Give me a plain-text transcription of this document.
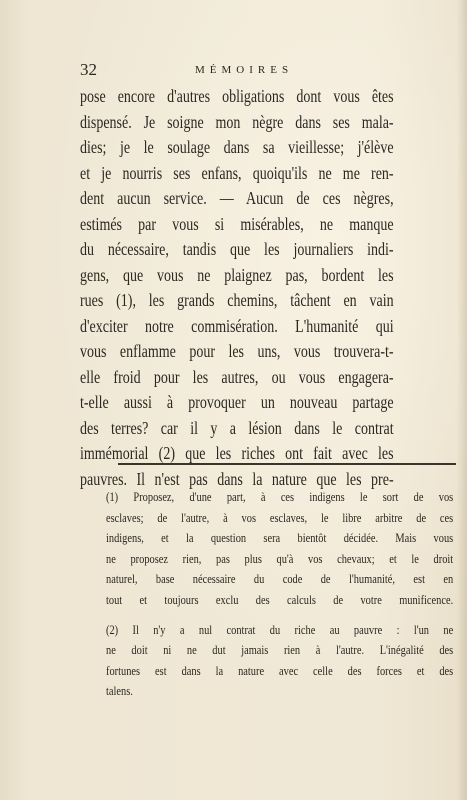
32	MÉMOIRES
pose encore d'autres obligations dont vous êtes
dispensé. Je soigne mon nègre dans ses mala-
dies; je le soulage dans sa vieillesse; j'élève
et je nourris ses enfans, quoiqu'ils ne me ren-
dent aucun service. — Aucun de ces nègres,
estimés par vous si misérables, ne manque
du nécessaire, tandis que les journaliers indi-
gens, que vous ne plaignez pas, bordent les
rues (1), les grands chemins, tâchent en vain
d'exciter notre commisération. L'humanité qui
vous enflamme pour les uns, vous trouvera-t-
elle froid pour les autres, ou vous engagera-
t-elle aussi à provoquer un nouveau partage
des terres? car il y a lésion dans le contrat
immémorial (2) que les riches ont fait avec les
pauvres. Il n'est pas dans la nature que les pre-
(1) Proposez, d'une part, à ces indigens le sort de vos
esclaves; de l'autre, à vos esclaves, le libre arbitre de ces
indigens, et la question sera bientôt décidée. Mais vous
ne proposez rien, pas plus qu'à vos chevaux; et le droit
naturel, base nécessaire du code de l'humanité, est en
tout et toujours exclu des calculs de votre munificence.
(2) Il n'y a nul contrat du riche au pauvre : l'un ne
ne doit ni ne dut jamais rien à l'autre. L'inégalité des
fortunes est dans la nature avec celle des forces et des
talens.
